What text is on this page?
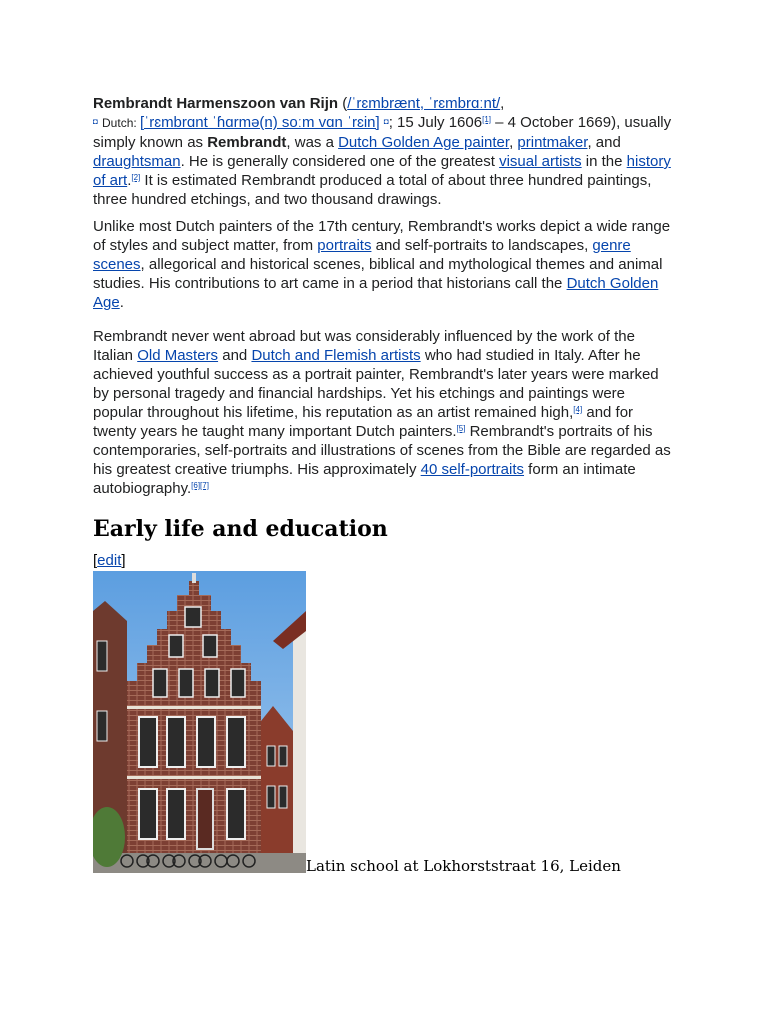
Rembrandt Harmenszoon van Rijn (/ˈrɛmbrænt, ˈrɛmbrɑːnt/,
◘ Dutch: [ˈrɛmbrɑnt ˈɦɑrmə(n) soːm vɑn ˈrɛin] ◘; 15 July 1606[1] – 4 October 1669), usually simply known as Rembrandt, was a Dutch Golden Age painter, printmaker, and draughtsman. He is generally considered one of the greatest visual artists in the history of art.[2] It is estimated Rembrandt produced a total of about three hundred paintings, three hundred etchings, and two thousand drawings.

Unlike most Dutch painters of the 17th century, Rembrandt's works depict a wide range of styles and subject matter, from portraits and self-portraits to landscapes, genre scenes, allegorical and historical scenes, biblical and mythological themes and animal studies. His contributions to art came in a period that historians call the Dutch Golden Age.

Rembrandt never went abroad but was considerably influenced by the work of the Italian Old Masters and Dutch and Flemish artists who had studied in Italy. After he achieved youthful success as a portrait painter, Rembrandt's later years were marked by personal tragedy and financial hardships. Yet his etchings and paintings were popular throughout his lifetime, his reputation as an artist remained high,[4] and for twenty years he taught many important Dutch painters.[5] Rembrandt's portraits of his contemporaries, self-portraits and illustrations of scenes from the Bible are regarded as his greatest creative triumphs. His approximately 40 self-portraits form an intimate autobiography.[6][7]

Early life and education
[edit]
Latin school at Lokhorststraat 16, Leiden
